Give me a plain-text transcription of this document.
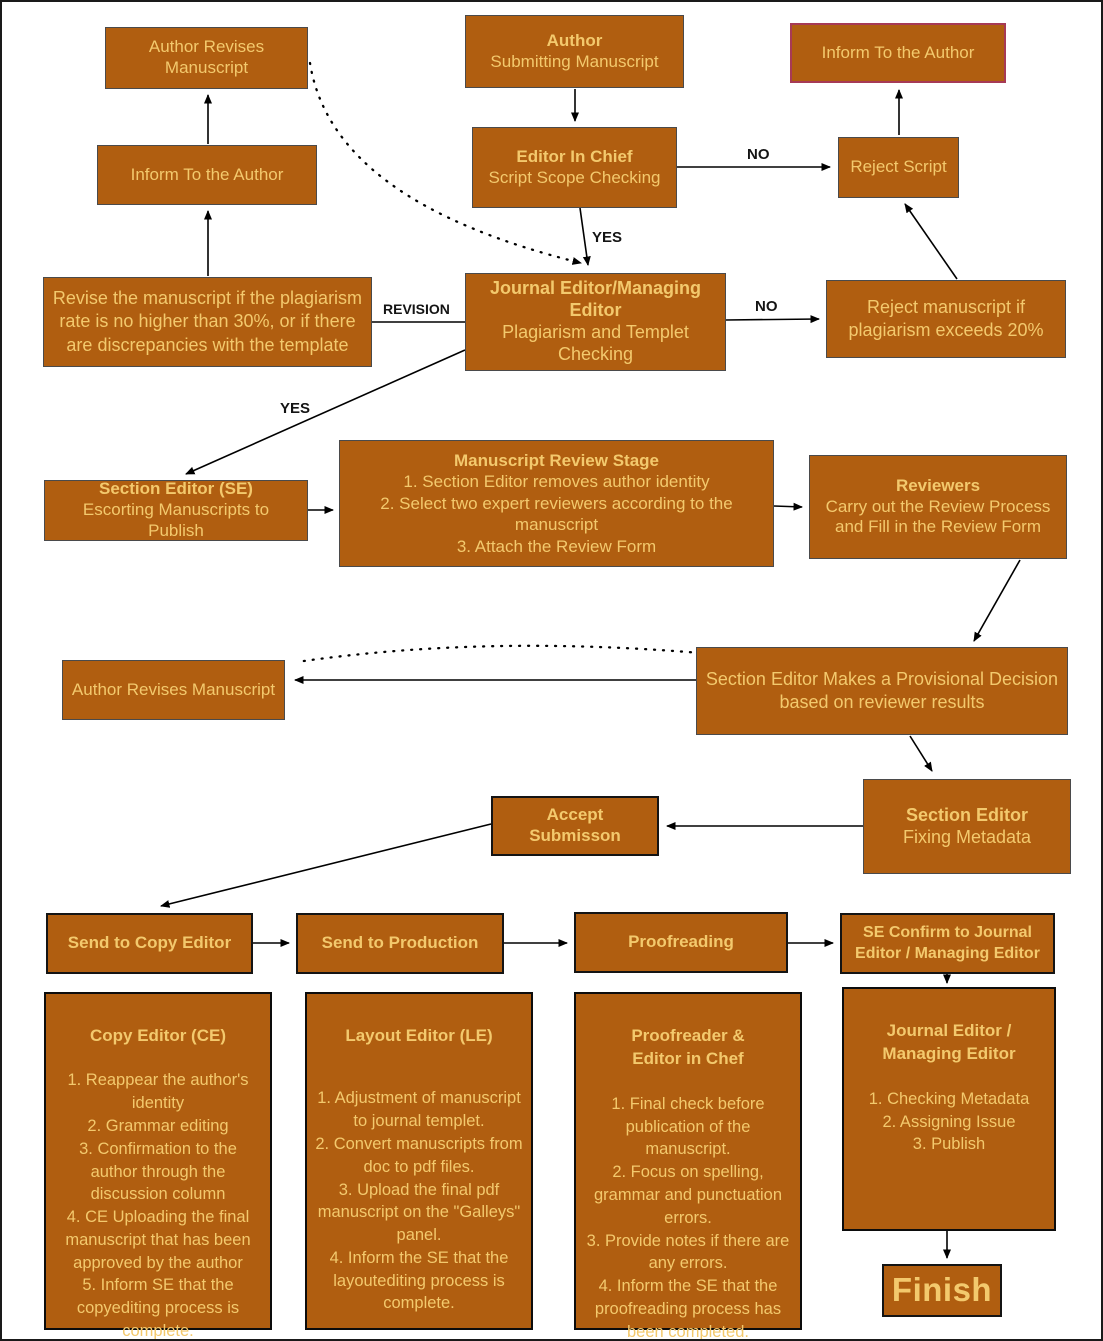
Author Revises Manuscript
Inform To the Author
Author
Submitting Manuscript
Editor In Chief
Script Scope Checking
Inform To the Author
Reject Script
Revise the manuscript if the plagiarism rate is no higher than 30%, or if there are discrepancies with the template
Journal Editor/Managing Editor
Plagiarism and Templet Checking
Reject manuscript if plagiarism exceeds 20%
Section Editor (SE)
Escorting Manuscripts to Publish
Manuscript Review Stage
1. Section Editor removes author identity
2. Select two expert reviewers according to the manuscript
3. Attach the Review Form
Reviewers
Carry out the Review Process and Fill in the Review Form
Author Revises Manuscript
Section Editor Makes a Provisional Decision based on reviewer results
Section Editor
Fixing Metadata
Accept Submisson
Send to Copy Editor	Send to Production	Proofreading	SE Confirm to Journal Editor / Managing Editor
Copy Editor (CE)
1. Reappear the author's identity
2. Grammar editing
3. Confirmation to the author through the discussion column
4. CE Uploading the final manuscript that has been approved by the author
5. Inform SE that the copyediting process is complete.
Layout Editor (LE)
1. Adjustment of manuscript to journal templet.
2. Convert manuscripts from doc to pdf files.
3. Upload the final pdf manuscript on the "Galleys" panel.
4. Inform the SE that the layoutediting process is complete.
Proofreader & Editor in Chef
1. Final check before publication of the manuscript.
2. Focus on spelling, grammar and punctuation errors.
3. Provide notes if there are any errors.
4. Inform the SE that the proofreading process has been completed.
Journal Editor / Managing Editor
1. Checking Metadata
2. Assigning Issue
3. Publish
Finish
NO
YES
REVISION	NO
YES
